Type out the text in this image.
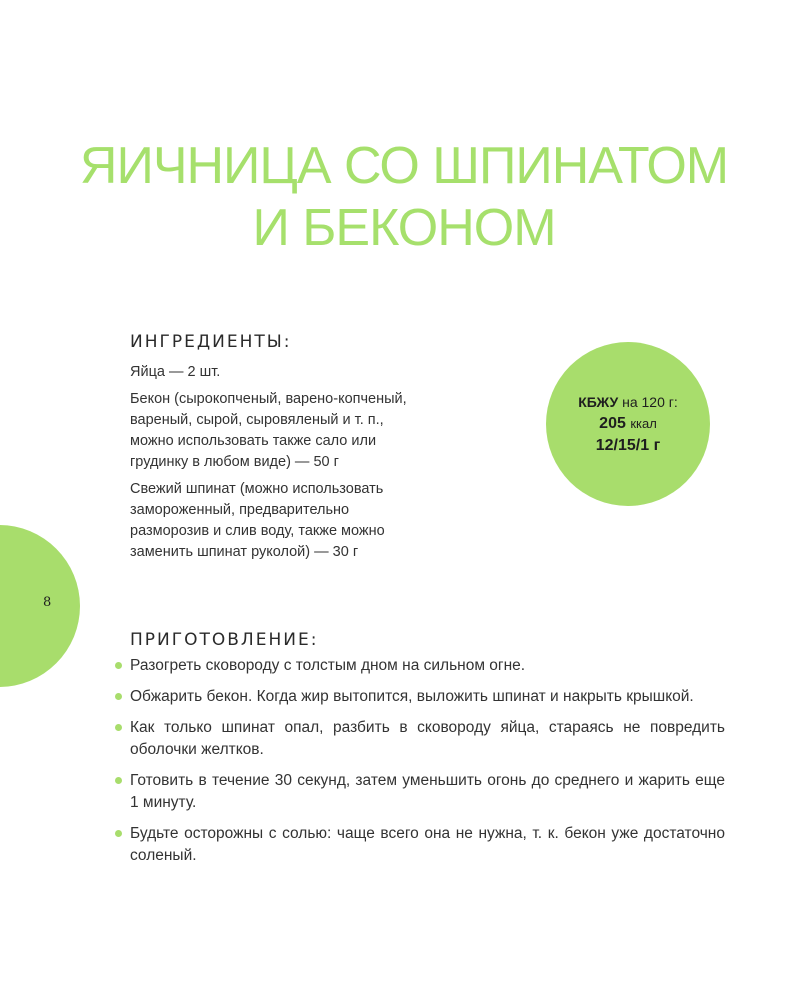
ЯИЧНИЦА СО ШПИНАТОМ
И БЕКОНОМ
ИНГРЕДИЕНТЫ:
Яйца — 2 шт.
Бекон (сырокопченый, варено-копченый, вареный, сырой, сыровяленый и т. п., можно использовать также сало или грудинку в любом виде) — 50 г
Свежий шпинат (можно использовать замороженный, предварительно разморозив и слив воду, также можно заменить шпинат руколой) — 30 г
КБЖУ на 120 г:
205 ккал
12/15/1 г
8
ПРИГОТОВЛЕНИЕ:
Разогреть сковороду с толстым дном на сильном огне.
Обжарить бекон. Когда жир вытопится, выложить шпинат и накрыть крышкой.
Как только шпинат опал, разбить в сковороду яйца, стараясь не повредить оболочки желтков.
Готовить в течение 30 секунд, затем уменьшить огонь до среднего и жарить еще 1 минуту.
Будьте осторожны с солью: чаще всего она не нужна, т. к. бекон уже достаточно соленый.
